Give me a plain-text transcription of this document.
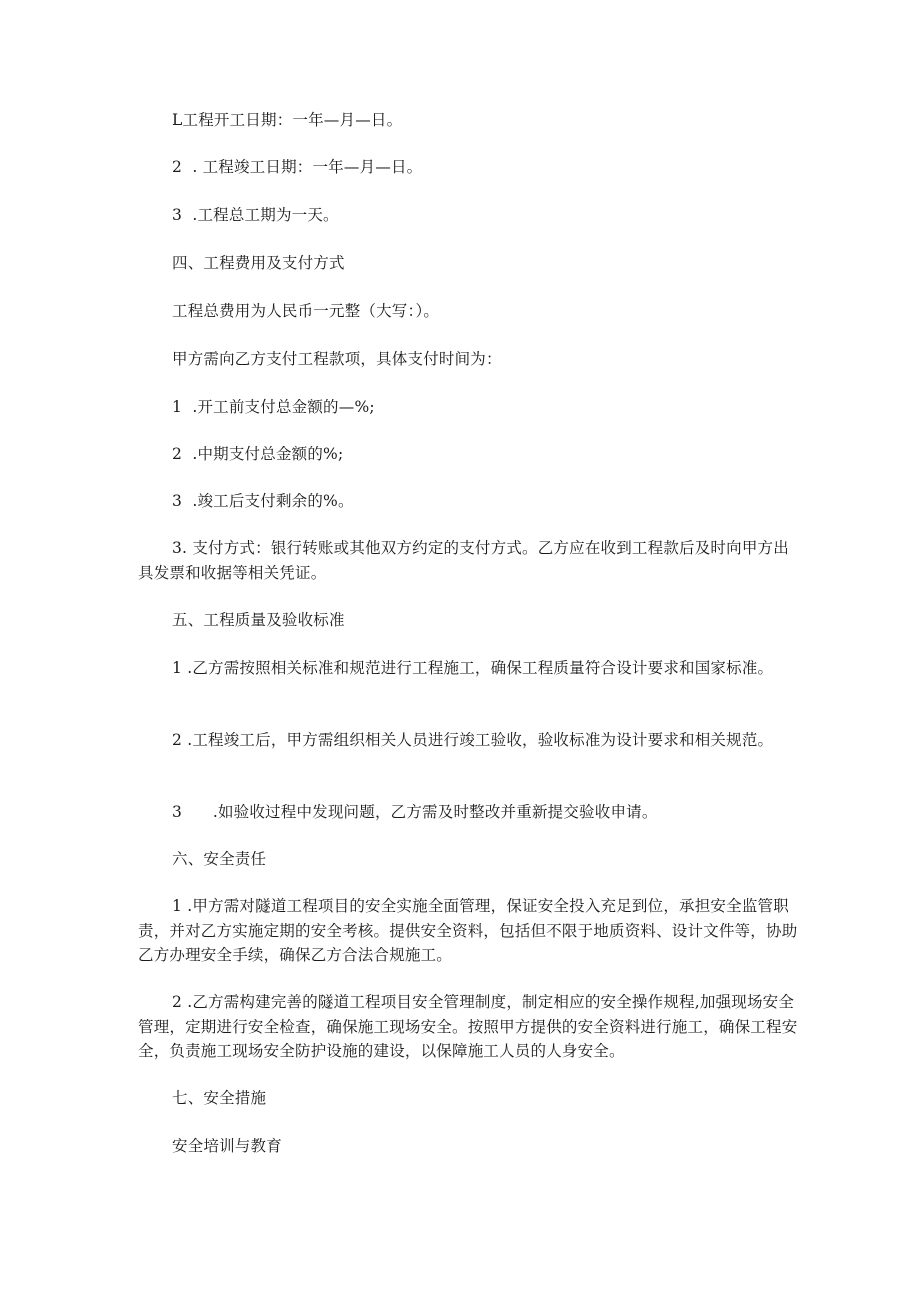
L工程开工日期：一年—月—日。

2  . 工程竣工日期：一年—月—日。

3  .工程总工期为一天。

四、工程费用及支付方式

工程总费用为人民币一元整（大写：）。

甲方需向乙方支付工程款项，具体支付时间为：

1  .开工前支付总金额的—%;

2  .中期支付总金额的%;

3  .竣工后支付剩余的%。

3. 支付方式：银行转账或其他双方约定的支付方式。乙方应在收到工程款后及时向甲方出具发票和收据等相关凭证。

五、工程质量及验收标准

1 .乙方需按照相关标准和规范进行工程施工，确保工程质量符合设计要求和国家标准。

2 .工程竣工后，甲方需组织相关人员进行竣工验收，验收标准为设计要求和相关规范。

3      .如验收过程中发现问题，乙方需及时整改并重新提交验收申请。

六、安全责任

1 .甲方需对隧道工程项目的安全实施全面管理，保证安全投入充足到位，承担安全监管职责，并对乙方实施定期的安全考核。提供安全资料，包括但不限于地质资料、设计文件等，协助乙方办理安全手续，确保乙方合法合规施工。

2 .乙方需构建完善的隧道工程项目安全管理制度，制定相应的安全操作规程,加强现场安全管理，定期进行安全检查，确保施工现场安全。按照甲方提供的安全资料进行施工，确保工程安全，负责施工现场安全防护设施的建设，以保障施工人员的人身安全。

七、安全措施

安全培训与教育
